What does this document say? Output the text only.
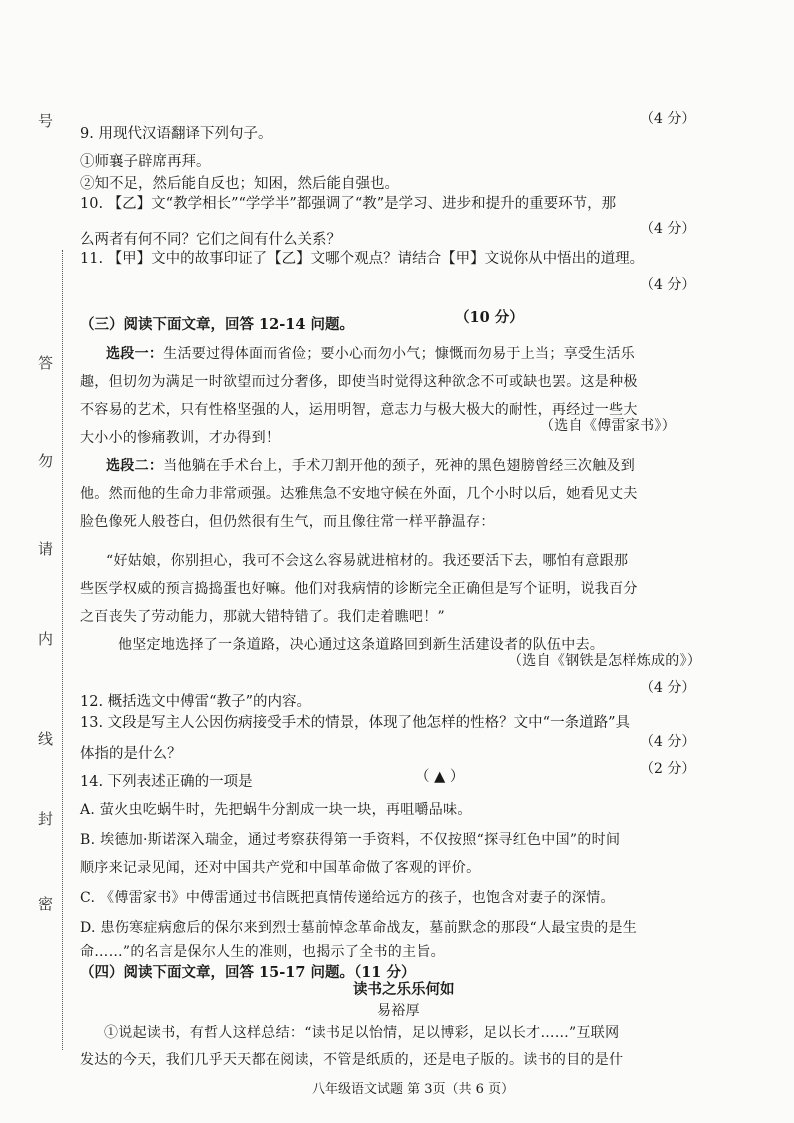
号
答
勿
请
内
线
封
密
（4 分）
9. 用现代汉语翻译下列句子。
①师襄子辟席再拜。
②知不足，然后能自反也；知困，然后能自强也。
10. 【乙】文“教学相长”“学学半”都强调了“教”是学习、进步和提升的重要环节，那
（4 分）
么两者有何不同？它们之间有什么关系？
11. 【甲】文中的故事印证了【乙】文哪个观点？请结合【甲】文说你从中悟出的道理。
（4 分）
（三）阅读下面文章，回答 12-14 问题。	（10 分）
选段一：生活要过得体面而省俭；要小心而勿小气；慷慨而勿易于上当；享受生活乐
趣，但切勿为满足一时欲望而过分奢侈，即使当时觉得这种欲念不可或缺也罢。这是种极
不容易的艺术，只有性格坚强的人，运用明智，意志力与极大极大的耐性，再经过一些大
（选自《傅雷家书》）
大小小的惨痛教训，才办得到！
选段二：当他躺在手术台上，手术刀割开他的颈子，死神的黑色翅膀曾经三次触及到
他。然而他的生命力非常顽强。达雅焦急不安地守候在外面，几个小时以后，她看见丈夫
脸色像死人般苍白，但仍然很有生气，而且像往常一样平静温存：
“好姑娘，你别担心，我可不会这么容易就进棺材的。我还要活下去，哪怕有意跟那
些医学权威的预言捣捣蛋也好嘛。他们对我病情的诊断完全正确但是写个证明，说我百分
之百丧失了劳动能力，那就大错特错了。我们走着瞧吧！”
他坚定地选择了一条道路，决心通过这条道路回到新生活建设者的队伍中去。
（选自《钢铁是怎样炼成的》）
（4 分）
12. 概括选文中傅雷“教子”的内容。
13. 文段是写主人公因伤病接受手术的情景，体现了他怎样的性格？文中“一条道路”具
（4 分）
体指的是什么？
（2 分）
14. 下列表述正确的一项是	（ ▲ ）
A. 萤火虫吃蜗牛时，先把蜗牛分割成一块一块，再咀嚼品味。
B. 埃德加·斯诺深入瑞金，通过考察获得第一手资料，不仅按照“探寻红色中国”的时间
顺序来记录见闻，还对中国共产党和中国革命做了客观的评价。
C. 《傅雷家书》中傅雷通过书信既把真情传递给远方的孩子，也饱含对妻子的深情。
D. 患伤寒症病愈后的保尔来到烈士墓前悼念革命战友，墓前默念的那段“人最宝贵的是生
命……”的名言是保尔人生的准则，也揭示了全书的主旨。
（四）阅读下面文章，回答 15-17 问题。（11 分）
读书之乐乐何如
易裕厚
①说起读书，有哲人这样总结：“读书足以怡情，足以博彩，足以长才……”互联网
发达的今天，我们几乎天天都在阅读，不管是纸质的，还是电子版的。读书的目的是什
八年级语文试题 第 3页（共 6 页）
